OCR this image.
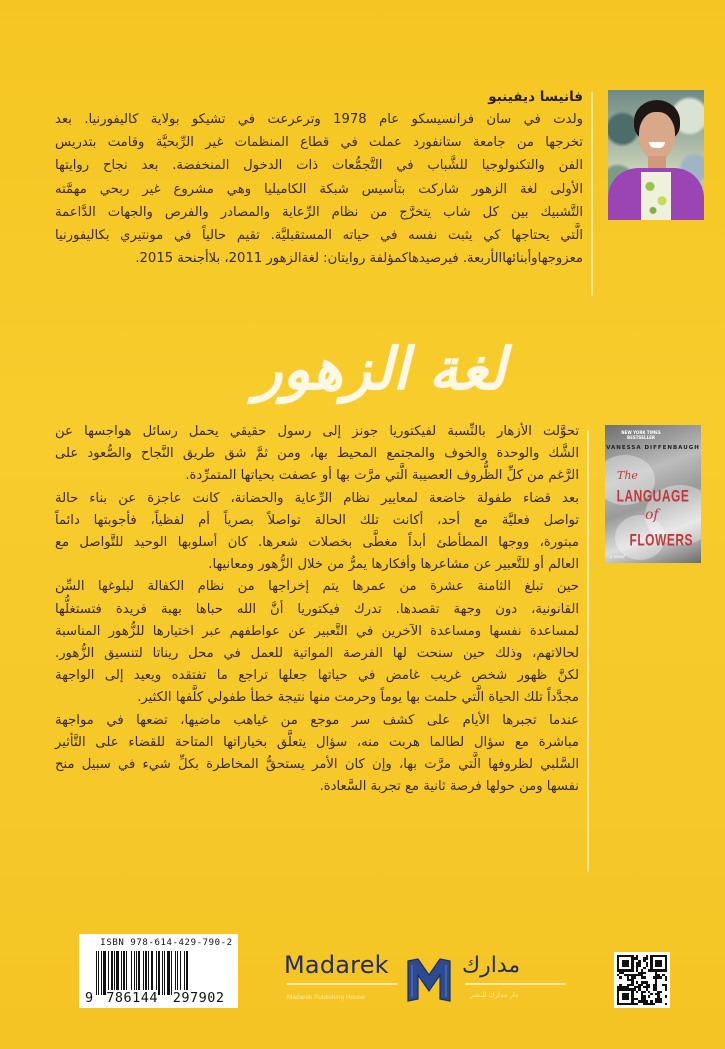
فانيسا ديفينبو
ولدت في سان فرانسيسكو عام 1978 وترعرعت في تشيكو بولاية كاليفورنيا. بعد
تخرجها من جامعة ستانفورد عملت في قطاع المنظمات غير الرِّبحيَّة وقامت بتدريس
الفن والتكنولوجيا للشَّباب في التَّجمُّعات ذات الدخول المنخفضة. بعد نجاح روايتها
الأولى لغة الزهور شاركت بتأسيس شبكة الكاميليا وهي مشروع غير ربحي مهمَّته
التَّشبيك بين كل شاب يتخرَّج من نظام الرِّعاية والمصادر والفرص والجهات الدَّاعمة
الَّتي يحتاجها كي يثبت نفسه في حياته المستقبليَّة. تقيم حالياً في مونتيري بكاليفورنيا
معزوجهاوأبنائهاالأربعة. فيرصيدهاكمؤلفة روايتان: لغةالزهور 2011، بلاأجنحة 2015.
لغة الزهور
تحوَّلت الأزهار بالنِّسبة لفيكتوريا جونز إلى رسول حقيقي يحمل رسائل هواجسها عن
الشَّك والوحدة والخوف والمجتمع المحيط بها، ومن ثمَّ شق طريق النَّجاح والصُّعود على
الرَّغم من كلِّ الظُّروف العصيبة الَّتي مرَّت بها أو عصفت بحياتها المتمرِّدة.
بعد قضاء طفولة خاضعة لمعايير نظام الرِّعاية والحضانة، كانت عاجزة عن بناء حالة
تواصل فعليَّة مع أحد، أكانت تلك الحالة تواصلاً بصرياً أم لفظياً، فأجوبتها دائماً
مبتورة، ووجها المطأطئ أبداً مغطَّى بخصلات شعرها. كان أسلوبها الوحيد للتَّواصل مع
العالم أو للتَّعبير عن مشاعرها وأفكارها يمرُّ من خلال الزُّهور ومعانيها.
حين تبلغ الثامنة عشرة من عمرها يتم إخراجها من نظام الكفالة لبلوغها السِّن
القانونية، دون وجهة تقصدها. تدرك فيكتوريا أنَّ الله حباها بهبة فريدة فتستغلُّها
لمساعدة نفسها ومساعدة الآخرين في التَّعبير عن عواطفهم عبر اختيارها للزُّهور المناسبة
لحالاتهم، وذلك حين سنحت لها الفرصة المواتية للعمل في محل ريناتا لتنسيق الزُّهور.
لكنَّ ظهور شخص غريب غامض في حياتها جعلها تراجع ما تفتقده ويعيد إلى الواجهة
مجدَّداً تلك الحياة الَّتي حلمت بها يوماً وحرمت منها نتيجة خطأ طفولي كلَّفها الكثير.
عندما تجبرها الأيام على كشف سر موجع من غياهب ماضيها، تضعها في مواجهة
مباشرة مع سؤال لطالما هربت منه، سؤال يتعلَّق بخياراتها المتاحة للقضاء على التَّأثير
السَّلبي لظروفها الَّتي مرَّت بها، وإن كان الأمر يستحقُّ المخاطرة بكلِّ شيء في سبيل منح
نفسها ومن حولها فرصة ثانية مع تجربة السَّعادة.
NEW YORK TIMES BESTSELLER
VANESSA DIFFENBAUGH
The
LANGUAGE
of
FLOWERS
a novel
ISBN 978-614-429-790-2
9 786144 297902
Madarek
Madarek Publishing House
مدارك
دار مدارك للنشر
